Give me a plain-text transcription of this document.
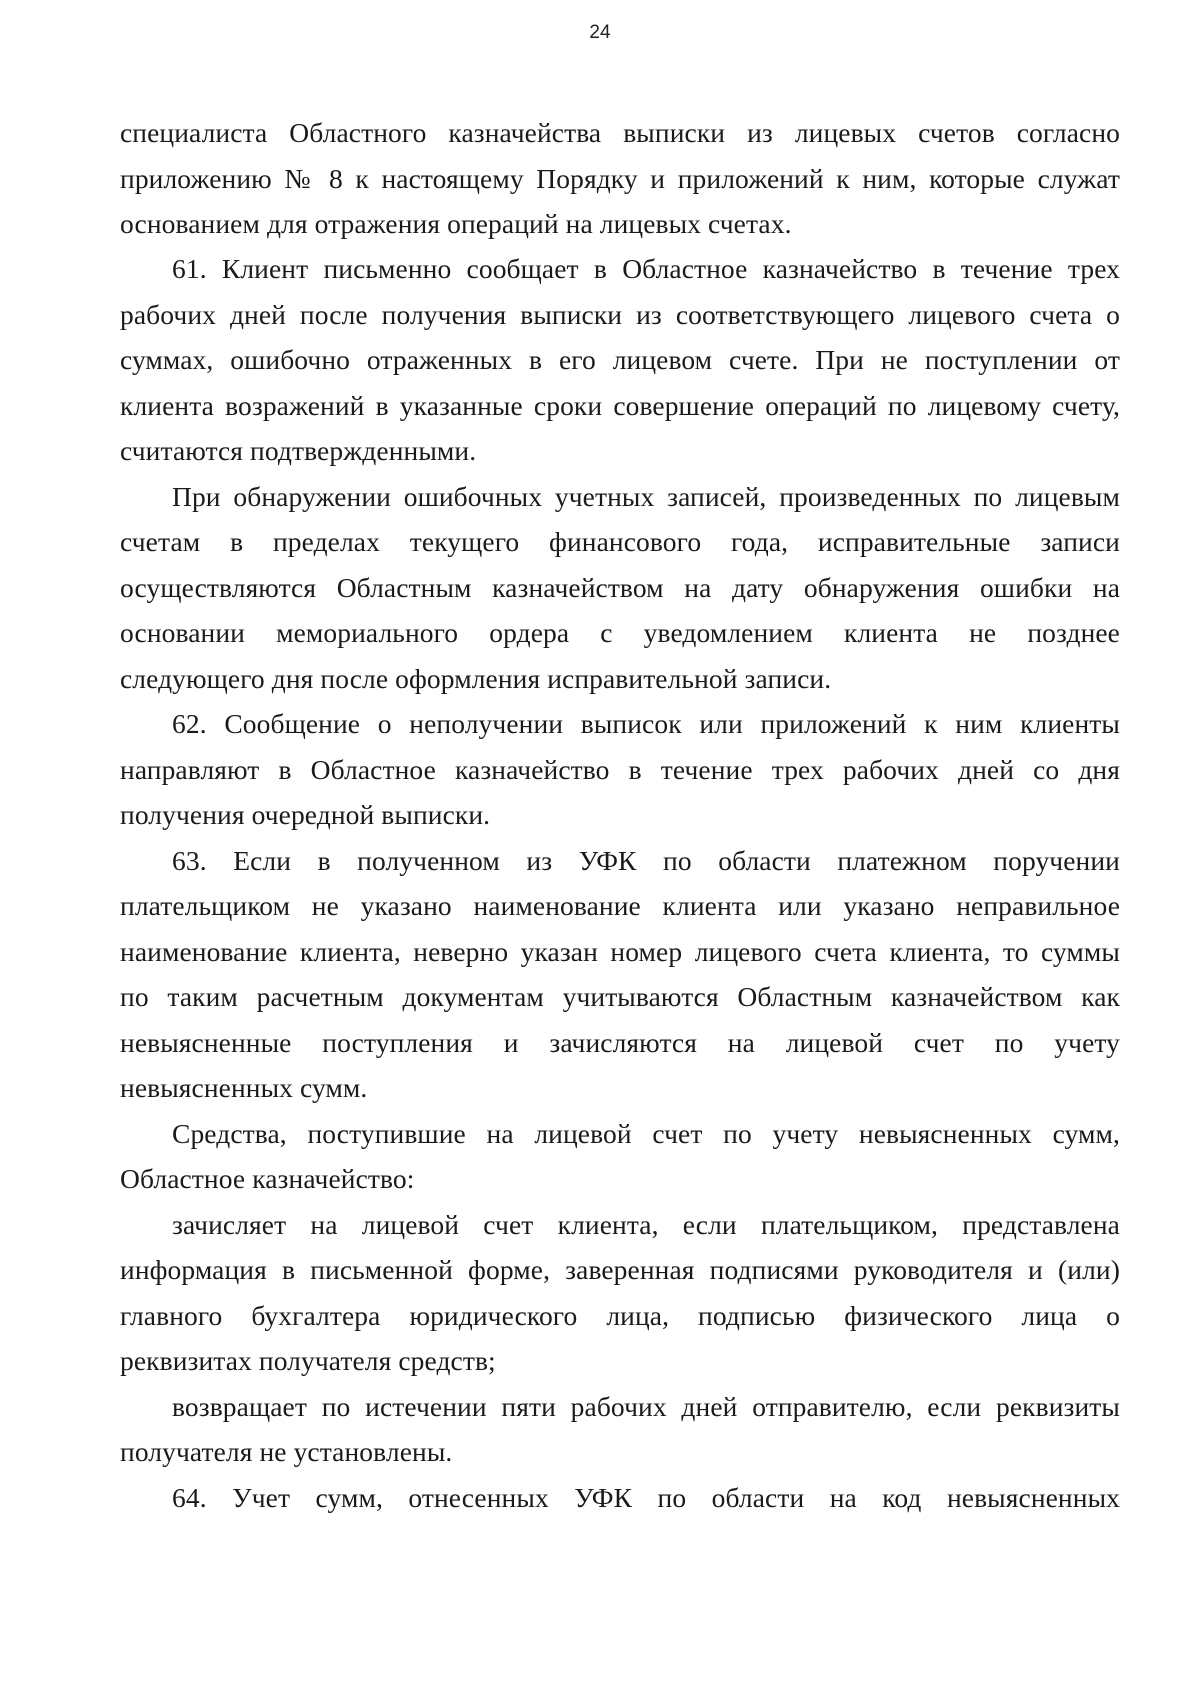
24
специалиста Областного казначейства выписки из лицевых счетов согласно
приложению № 8 к настоящему Порядку и приложений к ним, которые служат
основанием для отражения операций на лицевых счетах.
61. Клиент письменно сообщает в Областное казначейство в течение трех
рабочих дней после получения выписки из соответствующего лицевого счета о
суммах, ошибочно отраженных в его лицевом счете. При не поступлении от
клиента возражений в указанные сроки совершение операций по лицевому счету,
считаются подтвержденными.
При обнаружении ошибочных учетных записей, произведенных по лицевым
счетам в пределах текущего финансового года, исправительные записи
осуществляются Областным казначейством на дату обнаружения ошибки на
основании мемориального ордера с уведомлением клиента не позднее
следующего дня после оформления исправительной записи.
62. Сообщение о неполучении выписок или приложений к ним клиенты
направляют в Областное казначейство в течение трех рабочих дней со дня
получения очередной выписки.
63. Если в полученном из УФК по области платежном поручении
плательщиком не указано наименование клиента или указано неправильное
наименование клиента, неверно указан номер лицевого счета клиента, то суммы
по таким расчетным документам учитываются Областным казначейством как
невыясненные поступления и зачисляются на лицевой счет по учету
невыясненных сумм.
Средства, поступившие на лицевой счет по учету невыясненных сумм,
Областное казначейство:
зачисляет на лицевой счет клиента, если плательщиком, представлена
информация в письменной форме, заверенная подписями руководителя и (или)
главного бухгалтера юридического лица, подписью физического лица о
реквизитах получателя средств;
возвращает по истечении пяти рабочих дней отправителю, если реквизиты
получателя не установлены.
64. Учет сумм, отнесенных УФК по области на код невыясненных
